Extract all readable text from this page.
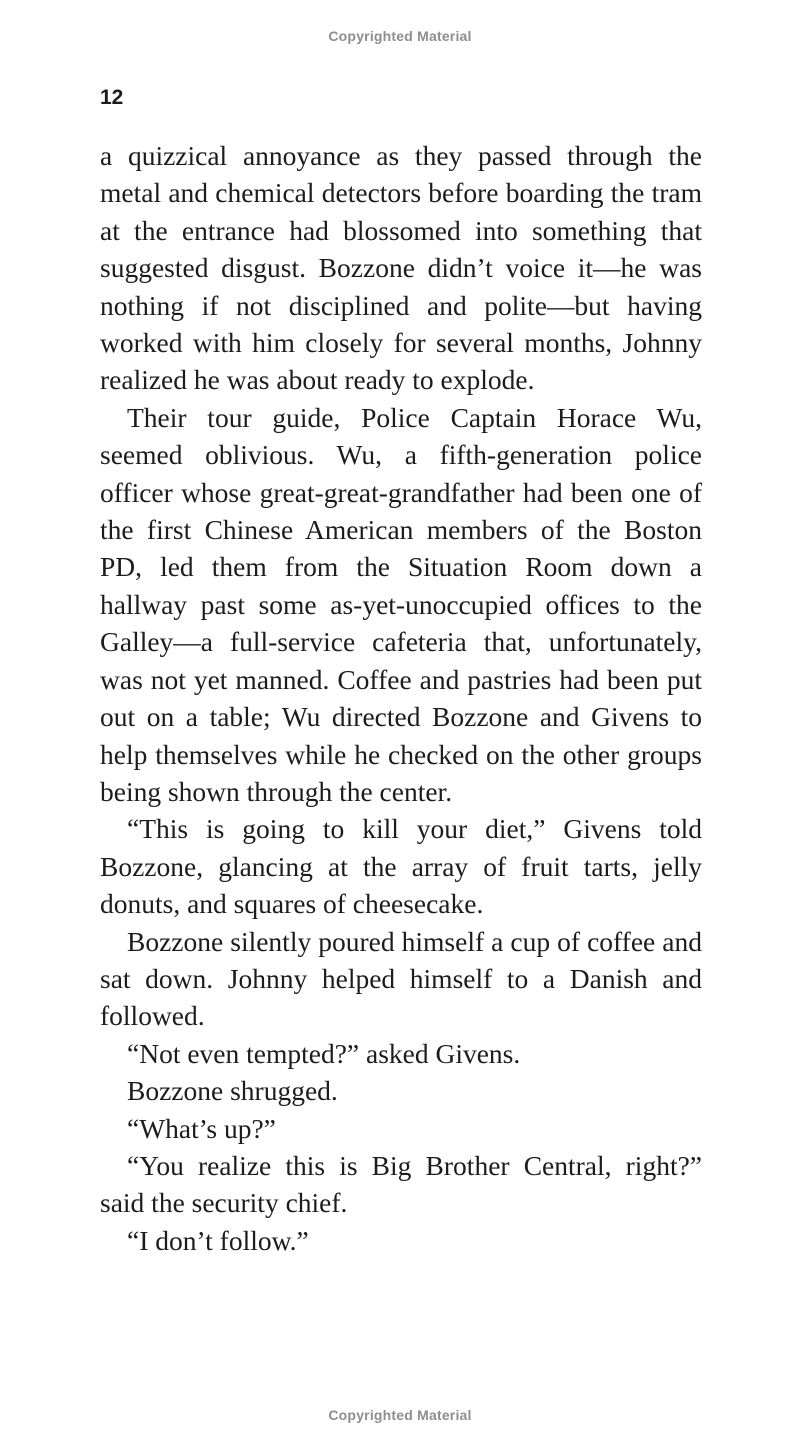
Copyrighted Material
12

a quizzical annoyance as they passed through the metal and chemical detectors before boarding the tram at the entrance had blossomed into something that suggested disgust. Bozzone didn’t voice it—he was nothing if not disciplined and polite—but having worked with him closely for several months, Johnny realized he was about ready to explode.

Their tour guide, Police Captain Horace Wu, seemed oblivious. Wu, a fifth-generation police officer whose great-great-grandfather had been one of the first Chinese American members of the Boston PD, led them from the Situation Room down a hallway past some as-yet-unoccupied offices to the Galley—a full-service cafeteria that, unfortunately, was not yet manned. Coffee and pastries had been put out on a table; Wu directed Bozzone and Givens to help themselves while he checked on the other groups being shown through the center.

“This is going to kill your diet,” Givens told Bozzone, glancing at the array of fruit tarts, jelly donuts, and squares of cheesecake.

Bozzone silently poured himself a cup of coffee and sat down. Johnny helped himself to a Danish and followed.

“Not even tempted?” asked Givens.

Bozzone shrugged.

“What’s up?”

“You realize this is Big Brother Central, right?” said the security chief.

“I don’t follow.”

Copyrighted Material
